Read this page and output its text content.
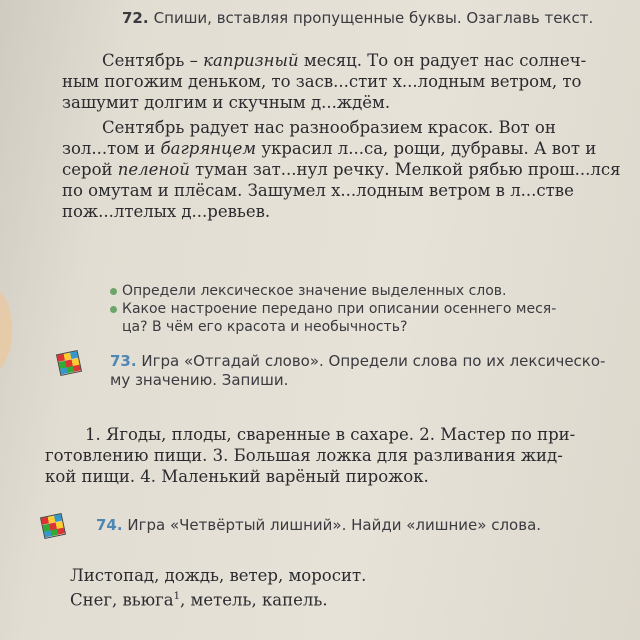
72. Спиши, вставляя пропущенные буквы. Озаглавь текст.
Сентябрь – капризный месяц. То он радует нас солнеч-
ным погожим деньком, то засв...стит х...лодным ветром, то
зашумит долгим и скучным д...ждём.
Сентябрь радует нас разнообразием красок. Вот он
зол...том и багрянцем украсил л...са, рощи, дубравы. А вот и
серой пеленой туман зат...нул речку. Мелкой рябью прош...лся
по омутам и плёсам. Зашумел х...лодным ветром в л...стве
пож...лтелых д...ревьев.
Определи лексическое значение выделенных слов.
Какое настроение передано при описании осеннего меся-
ца? В чём его красота и необычность?
73. Игра «Отгадай слово». Определи слова по их лексическо-
му значению. Запиши.
1. Ягоды, плоды, сваренные в сахаре. 2. Мастер по при-
готовлению пищи. 3. Большая ложка для разливания жид-
кой пищи. 4. Маленький варёный пирожок.
74. Игра «Четвёртый лишний». Найди «лишние» слова.
Листопад, дождь, ветер, моросит.
Снег, вьюга$^1$, метель, капель.
